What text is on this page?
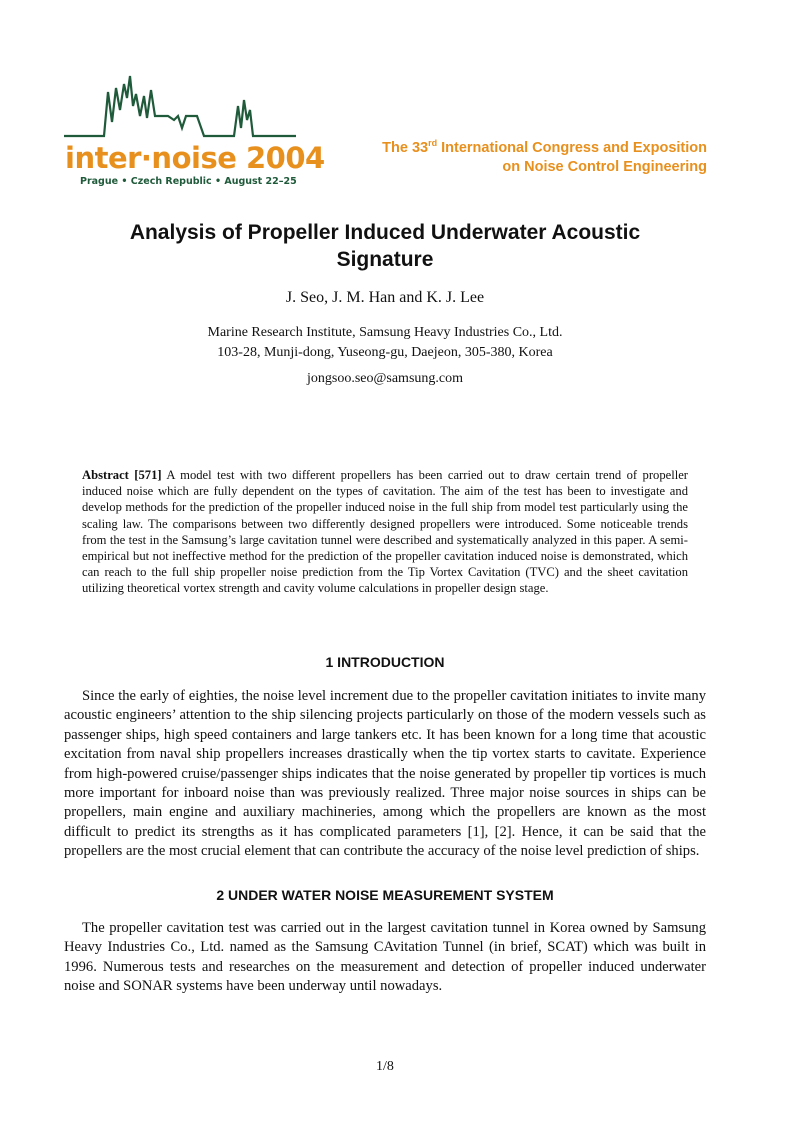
inter·noise 2004
Prague • Czech Republic • August 22–25
The 33rd International Congress and Exposition
on Noise Control Engineering
Analysis of Propeller Induced Underwater Acoustic
Signature
J. Seo, J. M. Han and K. J. Lee
Marine Research Institute, Samsung Heavy Industries Co., Ltd.
103-28, Munji-dong, Yuseong-gu, Daejeon, 305-380, Korea
jongsoo.seo@samsung.com
Abstract [571] A model test with two different propellers has been carried out to draw certain trend of propeller induced noise which are fully dependent on the types of cavitation. The aim of the test has been to investigate and develop methods for the prediction of the propeller induced noise in the full ship from model test particularly using the scaling law. The comparisons between two differently designed propellers were introduced. Some noticeable trends from the test in the Samsung’s large cavitation tunnel were described and systematically analyzed in this paper. A semi-empirical but not ineffective method for the prediction of the propeller cavitation induced noise is demonstrated, which can reach to the full ship propeller noise prediction from the Tip Vortex Cavitation (TVC) and the sheet cavitation utilizing theoretical vortex strength and cavity volume calculations in propeller design stage.
1 INTRODUCTION
Since the early of eighties, the noise level increment due to the propeller cavitation initiates to invite many acoustic engineers’ attention to the ship silencing projects particularly on those of the modern vessels such as passenger ships, high speed containers and large tankers etc. It has been known for a long time that acoustic excitation from naval ship propellers increases drastically when the tip vortex starts to cavitate. Experience from high-powered cruise/passenger ships indicates that the noise generated by propeller tip vortices is much more important for inboard noise than was previously realized. Three major noise sources in ships can be propellers, main engine and auxiliary machineries, among which the propellers are known as the most difficult to predict its strengths as it has complicated parameters [1], [2]. Hence, it can be said that the propellers are the most crucial element that can contribute the accuracy of the noise level prediction of ships.
2 UNDER WATER NOISE MEASUREMENT SYSTEM
The propeller cavitation test was carried out in the largest cavitation tunnel in Korea owned by Samsung Heavy Industries Co., Ltd. named as the Samsung CAvitation Tunnel (in brief, SCAT) which was built in 1996. Numerous tests and researches on the measurement and detection of propeller induced underwater noise and SONAR systems have been underway until nowadays.
1/8
